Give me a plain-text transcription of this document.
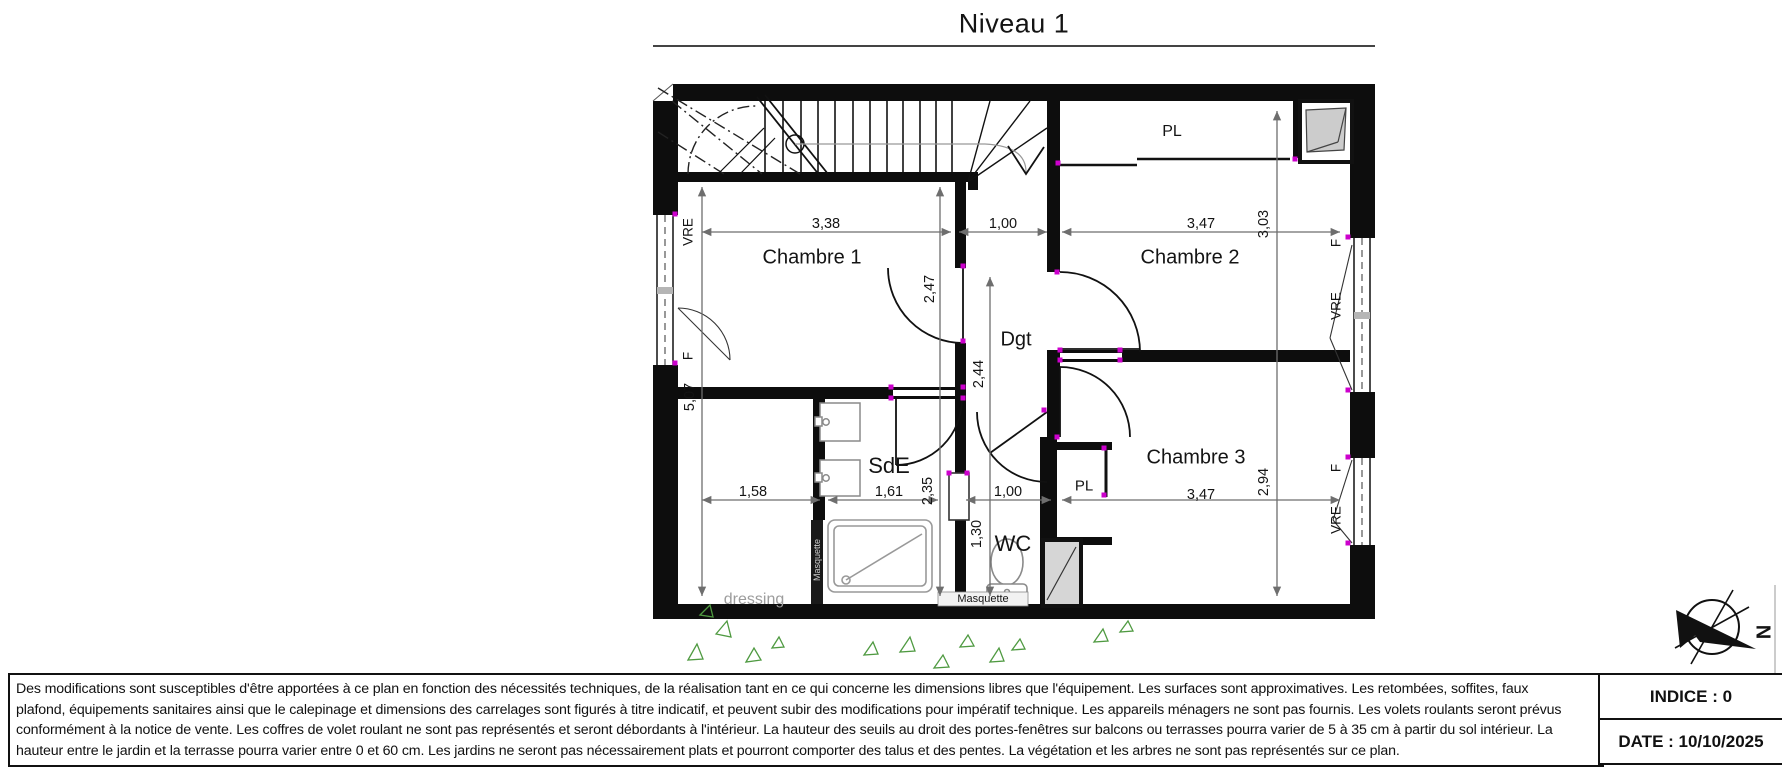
Niveau 1
Chambre 1	Chambre 2
Chambre 3
Dgt
SdE
WC
PL
PL
dressing
3,38	1,00	3,47	3,03
5,07
2,47
2,44
2,35
1,30
1,58	1,61	1,00	3,47	2,94
VRE
F
F
VRE
F
VRE
Masquette
Masquette
N
Des modifications sont susceptibles d'être apportées à ce plan en fonction des nécessités techniques, de la réalisation tant en ce qui concerne les dimensions libres que l'équipement. Les surfaces sont approximatives. Les retombées, soffites, faux
plafond, équipements sanitaires ainsi que le calepinage et dimensions des carrelages sont figurés à titre indicatif, et peuvent subir des modifications pour impératif technique. Les appareils ménagers ne sont pas fournis. Les volets roulants seront prévus
conformément à la notice de vente. Les coffres de volet roulant ne sont pas représentés et seront débordants à l'intérieur. La hauteur des seuils au droit des portes-fenêtres sur balcons ou terrasses pourra varier de 5 à 35 cm à partir du sol intérieur. La
hauteur entre le jardin et la terrasse pourra varier entre 0 et 60 cm. Les jardins ne seront pas nécessairement plats et pourront comporter des talus et des pentes. La végétation et les arbres ne sont pas représentés sur ce plan.
INDICE : 0
DATE : 10/10/2025
